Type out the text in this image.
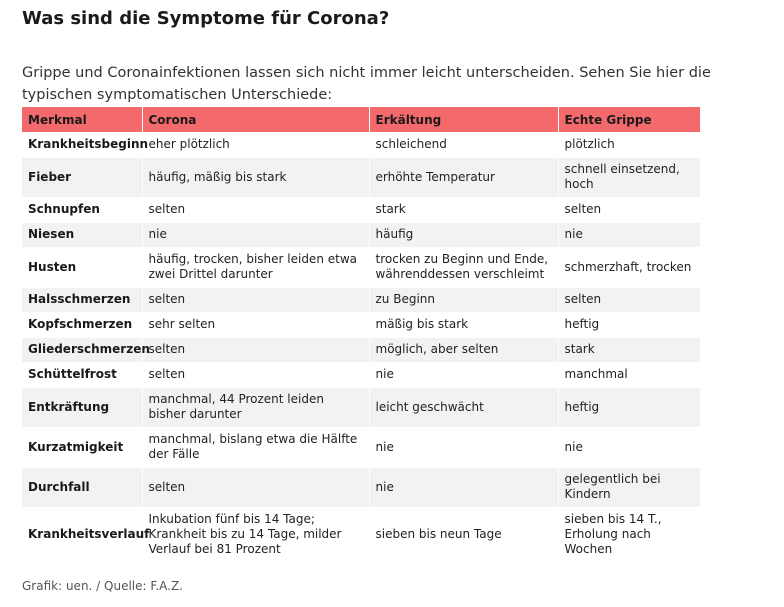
Was sind die Symptome für Corona?

Grippe und Coronainfektionen lassen sich nicht immer leicht unterscheiden. Sehen Sie hier die typischen symptomatischen Unterschiede:

Merkmal	Corona	Erkältung	Echte Grippe
Krankheitsbeginn	eher plötzlich	schleichend	plötzlich
Fieber	häufig, mäßig bis stark	erhöhte Temperatur	schnell einsetzend, hoch
Schnupfen	selten	stark	selten
Niesen	nie	häufig	nie
Husten	häufig, trocken, bisher leiden etwa zwei Drittel darunter	trocken zu Beginn und Ende, währenddessen verschleimt	schmerzhaft, trocken
Halsschmerzen	selten	zu Beginn	selten
Kopfschmerzen	sehr selten	mäßig bis stark	heftig
Gliederschmerzen	selten	möglich, aber selten	stark
Schüttelfrost	selten	nie	manchmal
Entkräftung	manchmal, 44 Prozent leiden bisher darunter	leicht geschwächt	heftig
Kurzatmigkeit	manchmal, bislang etwa die Hälfte der Fälle	nie	nie
Durchfall	selten	nie	gelegentlich bei Kindern
Krankheitsverlauf	Inkubation fünf bis 14 Tage; Krankheit bis zu 14 Tage, milder Verlauf bei 81 Prozent	sieben bis neun Tage	sieben bis 14 T., Erholung nach Wochen
Grafik: uen. / Quelle: F.A.Z.
